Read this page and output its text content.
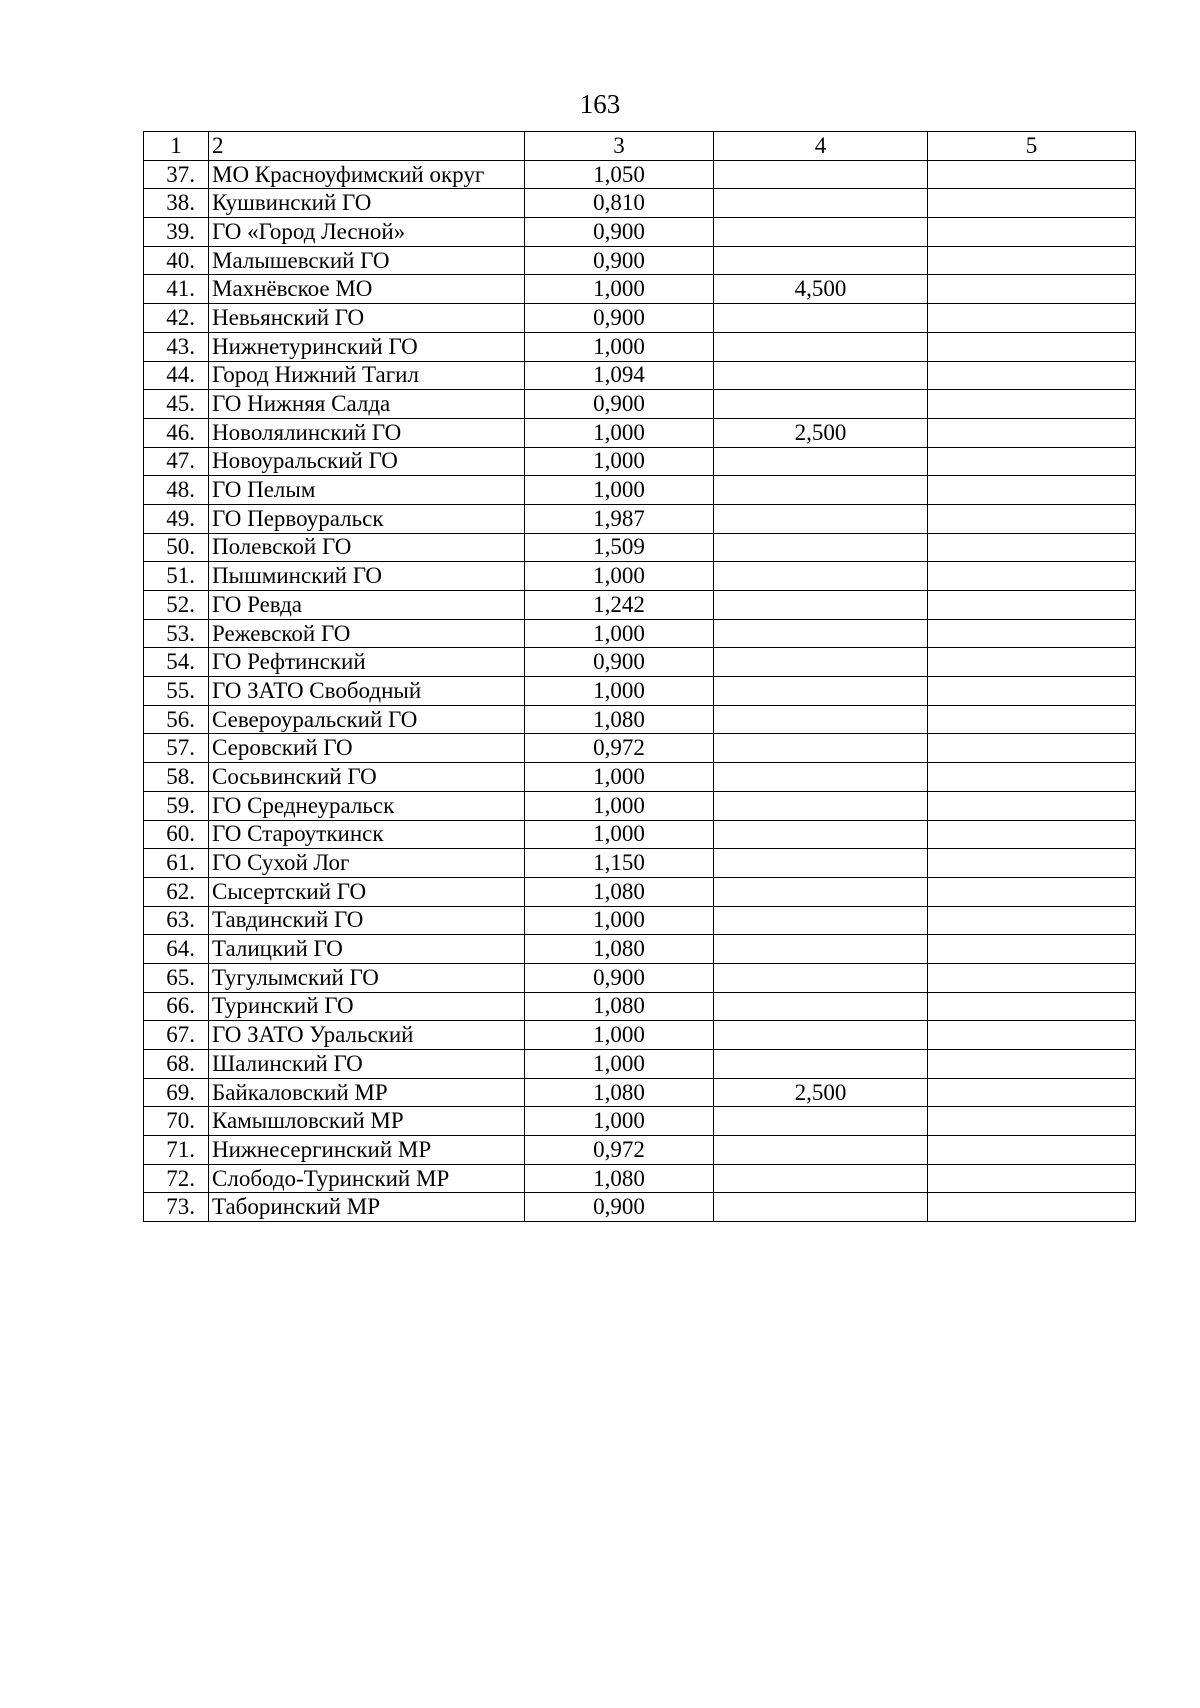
163
1	2	3	4	5
37.	МО Красноуфимский округ	1,050		
38.	Кушвинский ГО	0,810		
39.	ГО «Город Лесной»	0,900		
40.	Малышевский ГО	0,900		
41.	Махнёвское МО	1,000	4,500	
42.	Невьянский ГО	0,900		
43.	Нижнетуринский ГО	1,000		
44.	Город Нижний Тагил	1,094		
45.	ГО Нижняя Салда	0,900		
46.	Новолялинский ГО	1,000	2,500	
47.	Новоуральский ГО	1,000		
48.	ГО Пелым	1,000		
49.	ГО Первоуральск	1,987		
50.	Полевской ГО	1,509		
51.	Пышминский ГО	1,000		
52.	ГО Ревда	1,242		
53.	Режевской ГО	1,000		
54.	ГО Рефтинский	0,900		
55.	ГО ЗАТО Свободный	1,000		
56.	Североуральский ГО	1,080		
57.	Серовский ГО	0,972		
58.	Сосьвинский ГО	1,000		
59.	ГО Среднеуральск	1,000		
60.	ГО Староуткинск	1,000		
61.	ГО Сухой Лог	1,150		
62.	Сысертский ГО	1,080		
63.	Тавдинский ГО	1,000		
64.	Талицкий ГО	1,080		
65.	Тугулымский ГО	0,900		
66.	Туринский ГО	1,080		
67.	ГО ЗАТО Уральский	1,000		
68.	Шалинский ГО	1,000		
69.	Байкаловский МР	1,080	2,500	
70.	Камышловский МР	1,000		
71.	Нижнесергинский МР	0,972		
72.	Слободо-Туринский МР	1,080		
73.	Таборинский МР	0,900		
